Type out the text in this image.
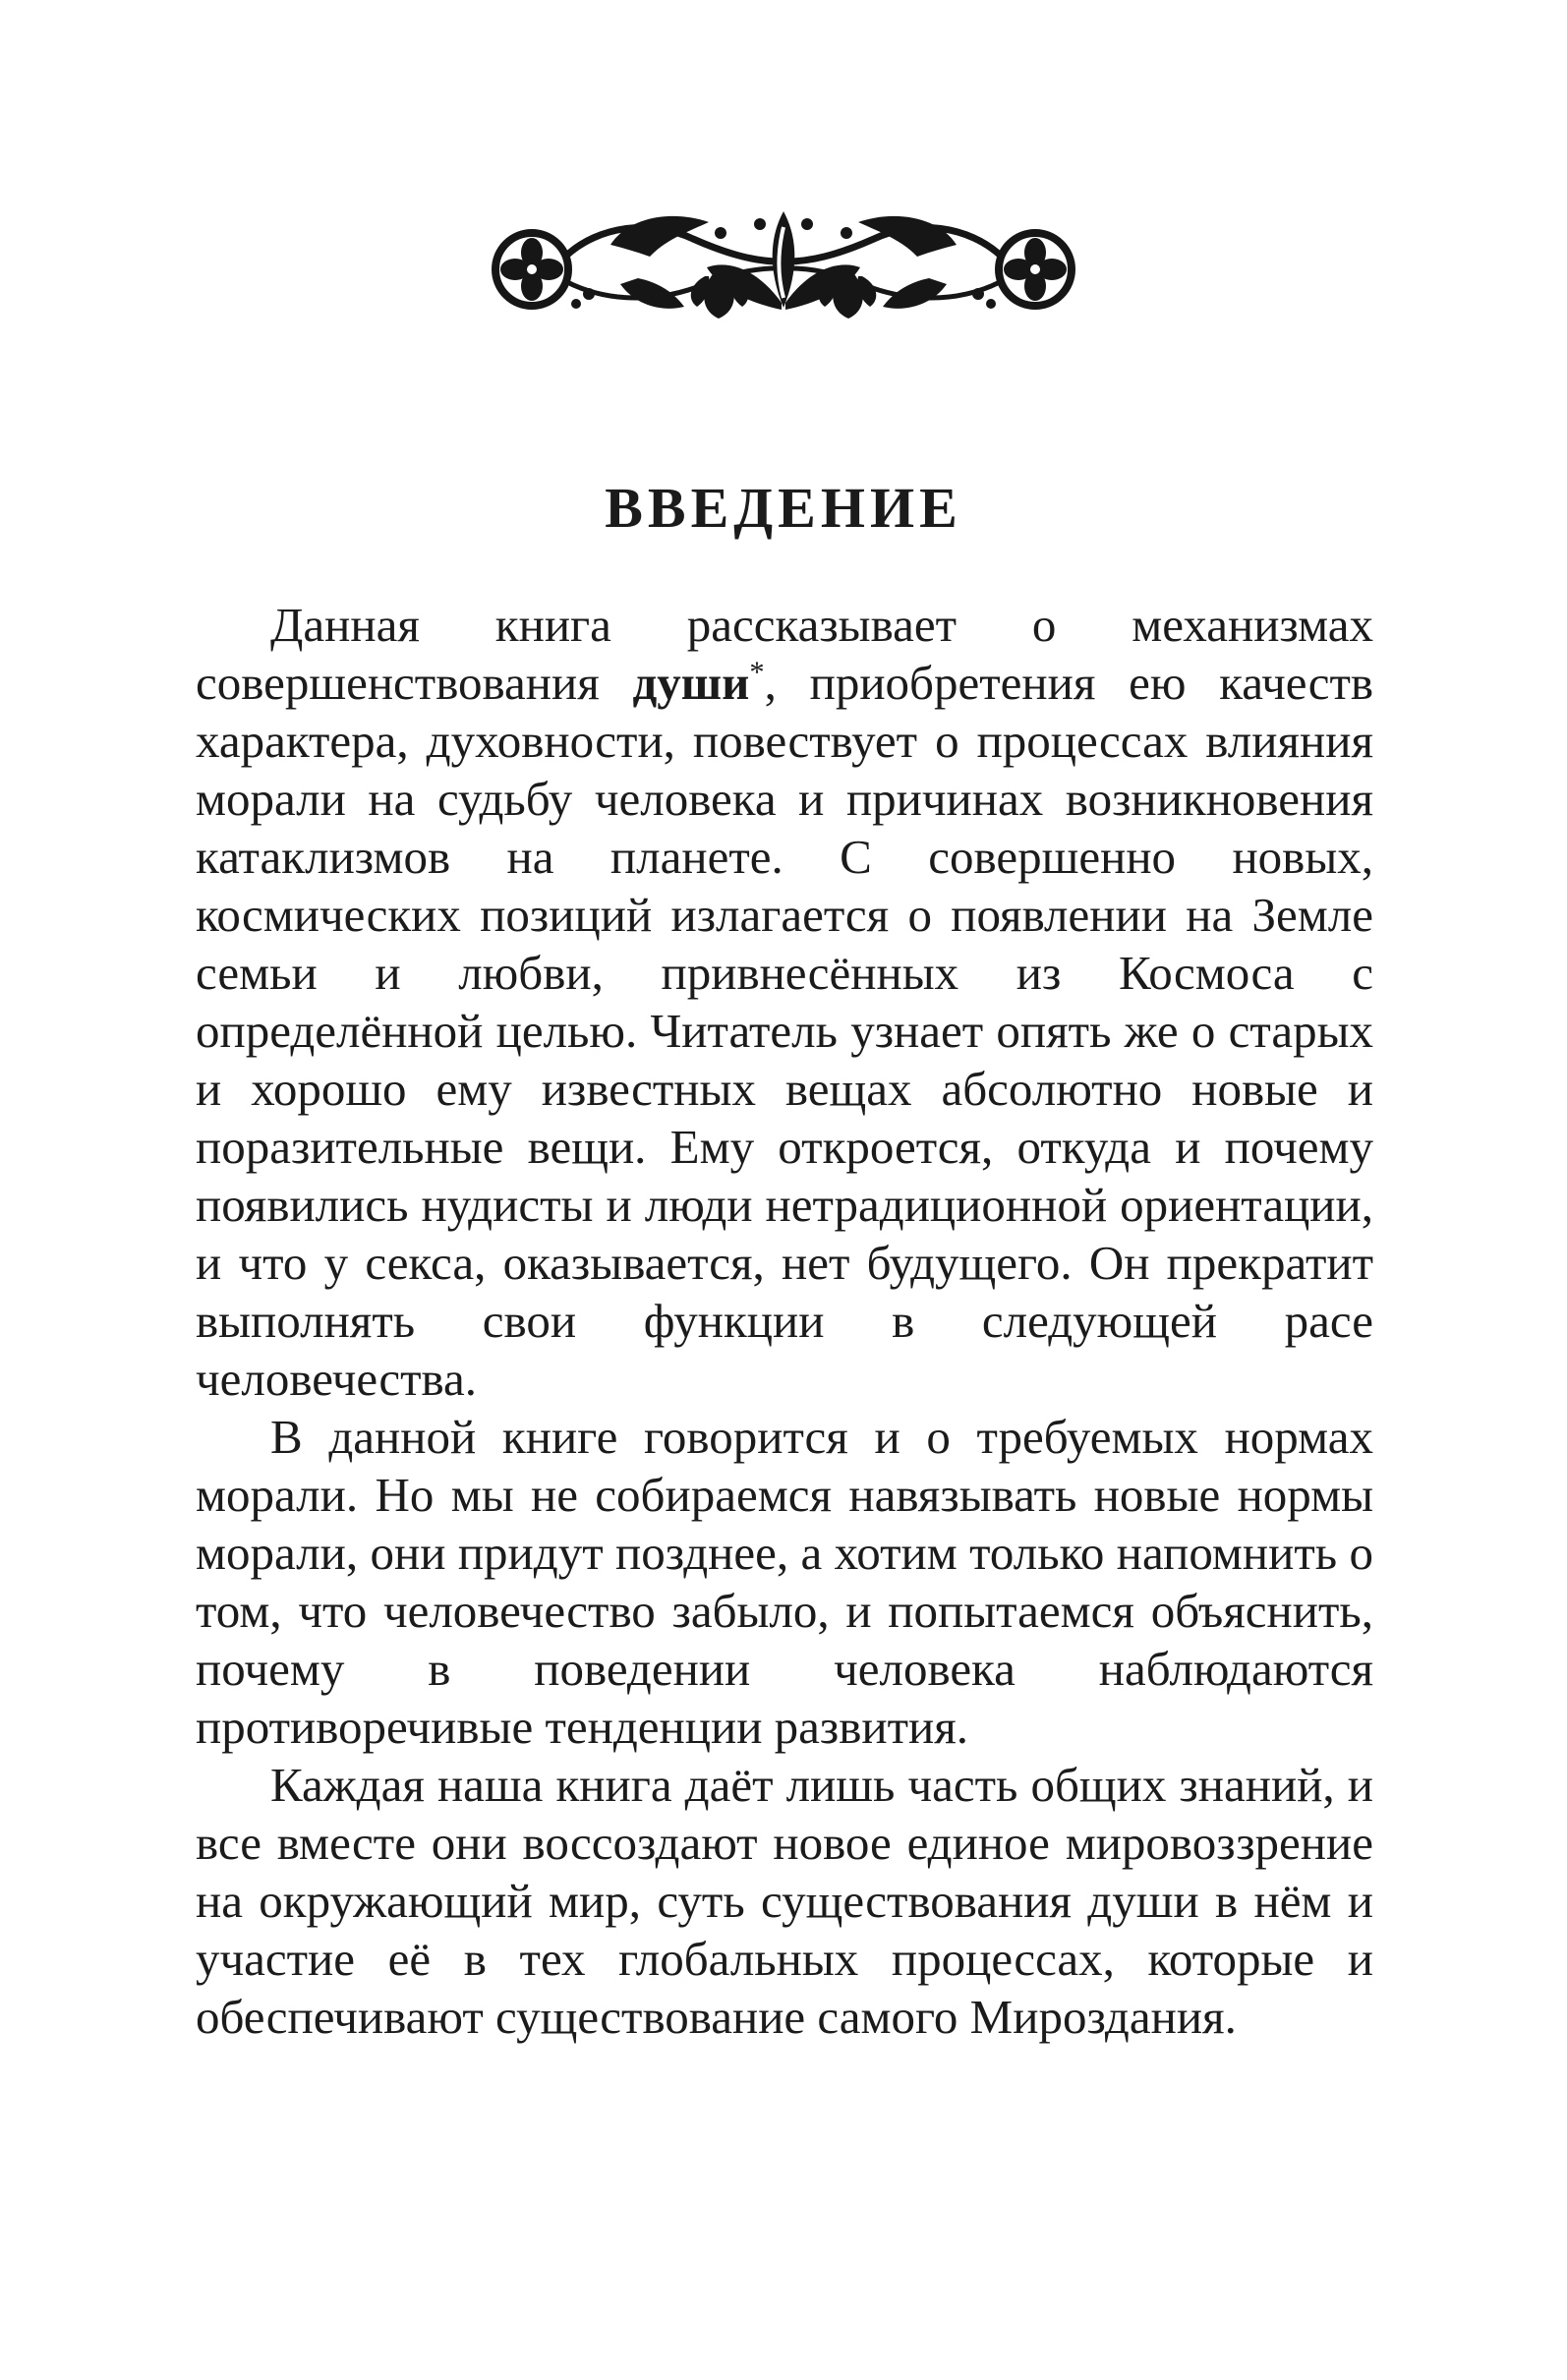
ВВЕДЕНИЕ

Данная книга рассказывает о механизмах совершенствования души*, приобретения ею качеств характера, духовности, повествует о процессах влияния морали на судьбу человека и причинах возникновения катаклизмов на планете. С совершенно новых, космических позиций излагается о появлении на Земле семьи и любви, привнесённых из Космоса с определённой целью. Читатель узнает опять же о старых и хорошо ему известных вещах абсолютно новые и поразительные вещи. Ему откроется, откуда и почему появились нудисты и люди нетрадиционной ориентации, и что у секса, оказывается, нет будущего. Он прекратит выполнять свои функции в следующей расе человечества.

В данной книге говорится и о требуемых нормах морали. Но мы не собираемся навязывать новые нормы морали, они придут позднее, а хотим только напомнить о том, что человечество забыло, и попытаемся объяснить, почему в поведении человека наблюдаются противоречивые тенденции развития.

Каждая наша книга даёт лишь часть общих знаний, и все вместе они воссоздают новое единое мировоззрение на окружающий мир, суть существования души в нём и участие её в тех глобальных процессах, которые и обеспечивают существование самого Мироздания.
